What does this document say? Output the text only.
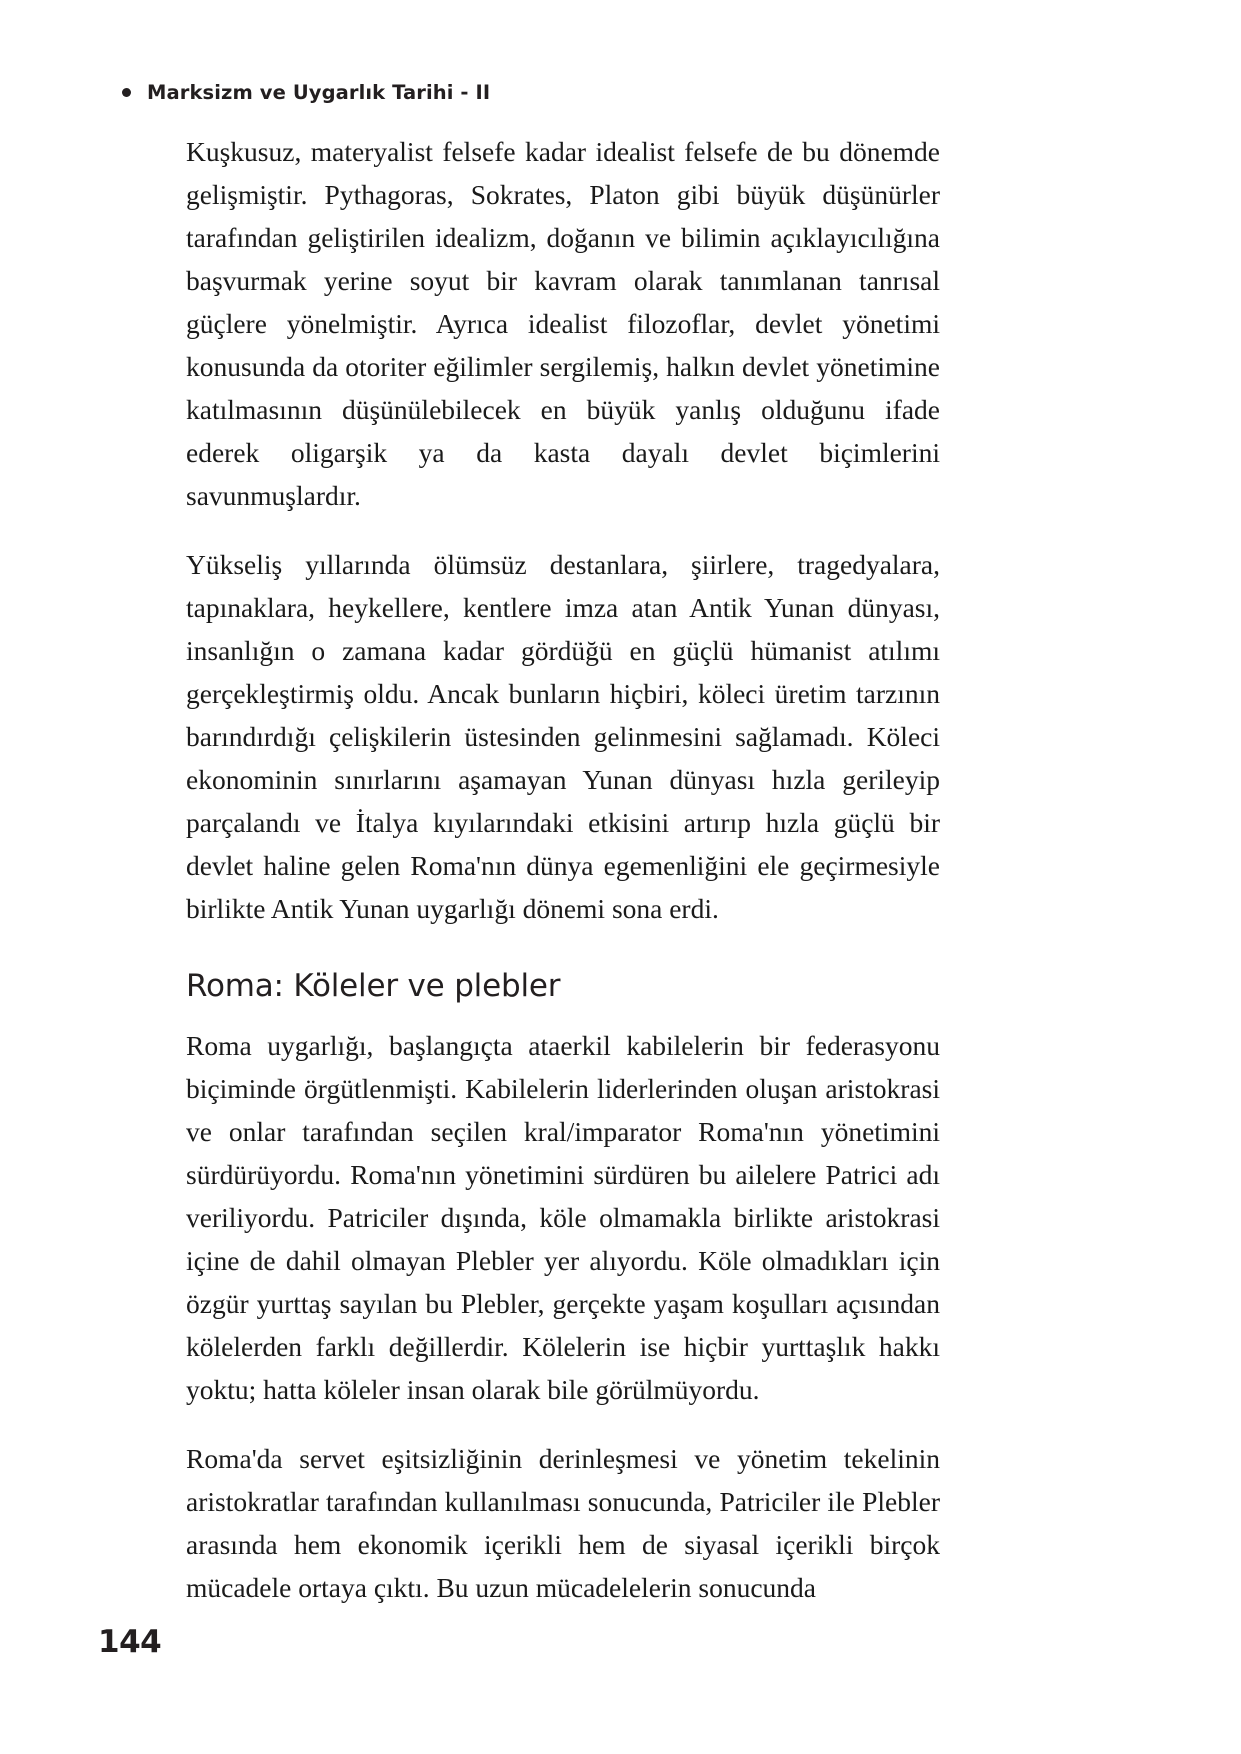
Marksizm ve Uygarlık Tarihi - II

Kuşkusuz, materyalist felsefe kadar idealist felsefe de bu dönemde gelişmiştir. Pythagoras, Sokrates, Platon gibi büyük düşünürler tarafından geliştirilen idealizm, doğanın ve bilimin açıklayıcılığına başvurmak yerine soyut bir kavram olarak tanımlanan tanrısal güçlere yönelmiştir. Ayrıca idealist filozoflar, devlet yönetimi konusunda da otoriter eğilimler sergilemiş, halkın devlet yönetimine katılmasının düşünülebilecek en büyük yanlış olduğunu ifade ederek oligarşik ya da kasta dayalı devlet biçimlerini savunmuşlardır.

Yükseliş yıllarında ölümsüz destanlara, şiirlere, tragedyalara, tapınaklara, heykellere, kentlere imza atan Antik Yunan dünyası, insanlığın o zamana kadar gördüğü en güçlü hümanist atılımı gerçekleştirmiş oldu. Ancak bunların hiçbiri, köleci üretim tarzının barındırdığı çelişkilerin üstesinden gelinmesini sağlamadı. Köleci ekonominin sınırlarını aşamayan Yunan dünyası hızla gerileyip parçalandı ve İtalya kıyılarındaki etkisini artırıp hızla güçlü bir devlet haline gelen Roma'nın dünya egemenliğini ele geçirmesiyle birlikte Antik Yunan uygarlığı dönemi sona erdi.

Roma: Köleler ve plebler

Roma uygarlığı, başlangıçta ataerkil kabilelerin bir federasyonu biçiminde örgütlenmişti. Kabilelerin liderlerinden oluşan aristokrasi ve onlar tarafından seçilen kral/imparator Roma'nın yönetimini sürdürüyordu. Roma'nın yönetimini sürdüren bu ailelere Patrici adı veriliyordu. Patriciler dışında, köle olmamakla birlikte aristokrasi içine de dahil olmayan Plebler yer alıyordu. Köle olmadıkları için özgür yurttaş sayılan bu Plebler, gerçekte yaşam koşulları açısından kölelerden farklı değillerdir. Kölelerin ise hiçbir yurttaşlık hakkı yoktu; hatta köleler insan olarak bile görülmüyordu.

Roma'da servet eşitsizliğinin derinleşmesi ve yönetim tekelinin aristokratlar tarafından kullanılması sonucunda, Patriciler ile Plebler arasında hem ekonomik içerikli hem de siyasal içerikli birçok mücadele ortaya çıktı. Bu uzun mücadelelerin sonucunda

144
